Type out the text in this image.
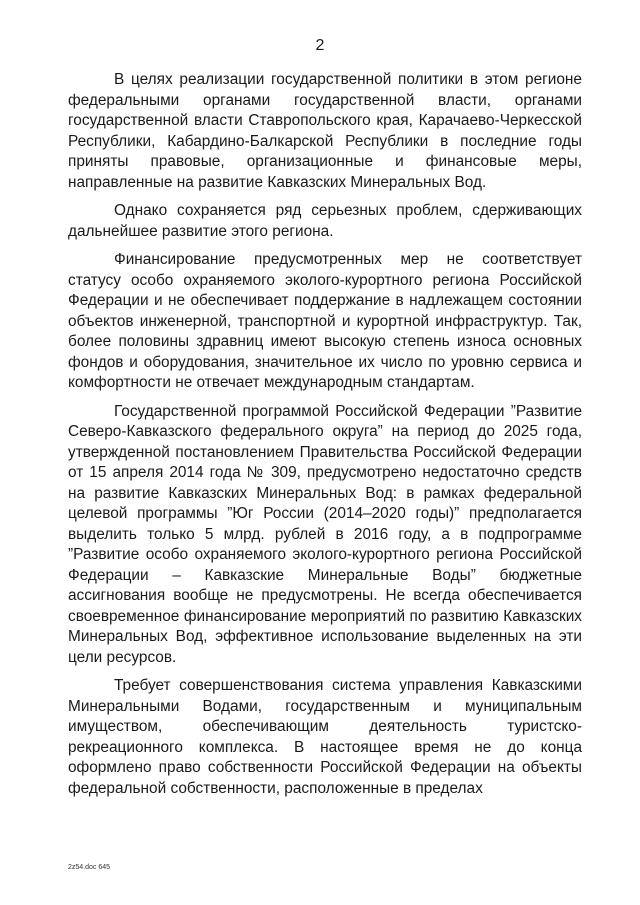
2

В целях реализации государственной политики в этом регионе федеральными органами государственной власти, органами государственной власти Ставропольского края, Карачаево-Черкесской Республики, Кабардино-Балкарской Республики в последние годы приняты правовые, организационные и финансовые меры, направленные на развитие Кавказских Минеральных Вод.

Однако сохраняется ряд серьезных проблем, сдерживающих дальнейшее развитие этого региона.

Финансирование предусмотренных мер не соответствует статусу особо охраняемого эколого-курортного региона Российской Федерации и не обеспечивает поддержание в надлежащем состоянии объектов инженерной, транспортной и курортной инфраструктур. Так, более половины здравниц имеют высокую степень износа основных фондов и оборудования, значительное их число по уровню сервиса и комфортности не отвечает международным стандартам.

Государственной программой Российской Федерации ”Развитие Северо-Кавказского федерального округа” на период до 2025 года, утвержденной постановлением Правительства Российской Федерации от 15 апреля 2014 года № 309, предусмотрено недостаточно средств на развитие Кавказских Минеральных Вод: в рамках федеральной целевой программы ”Юг России (2014–2020 годы)” предполагается выделить только 5 млрд. рублей в 2016 году, а в подпрограмме ”Развитие особо охраняемого эколого-курортного региона Российской Федерации – Кавказские Минеральные Воды” бюджетные ассигнования вообще не предусмотрены. Не всегда обеспечивается своевременное финансирование мероприятий по развитию Кавказских Минеральных Вод, эффективное использование выделенных на эти цели ресурсов.

Требует совершенствования система управления Кавказскими Минеральными Водами, государственным и муниципальным имуществом, обеспечивающим деятельность туристско-рекреационного комплекса. В настоящее время не до конца оформлено право собственности Российской Федерации на объекты федеральной собственности, расположенные в пределах

2z54.doc 645
